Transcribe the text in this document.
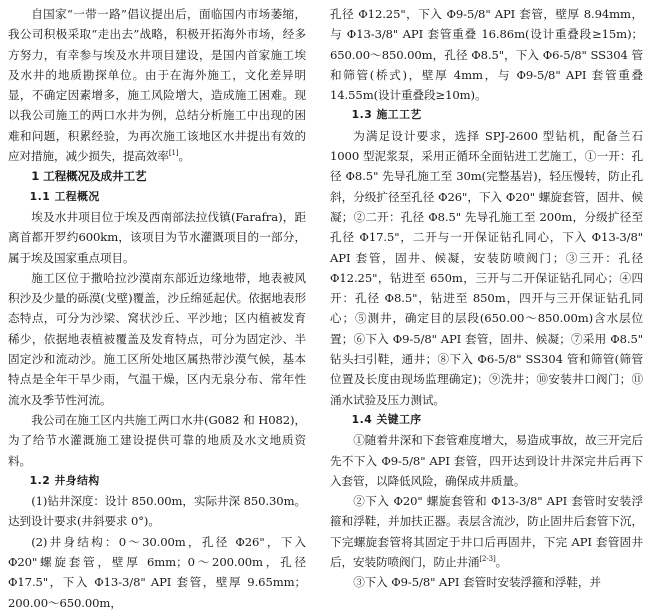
自国家“一带一路”倡议提出后，面临国内市场萎缩，我公司积极采取“走出去”战略，积极开拓海外市场，经多方努力，有幸参与埃及水井项目建设，是国内首家施工埃及水井的地质勘探单位。由于在海外施工，文化差异明显，不确定因素增多，施工风险增大，造成施工困难。现以我公司施工的两口水井为例，总结分析施工中出现的困难和问题，积累经验，为再次施工该地区水井提出有效的应对措施，减少损失，提高效率[1]。

1 工程概况及成井工艺

1.1 工程概况

埃及水井项目位于埃及西南部法拉伐镇(Farafra)，距离首都开罗约600km，该项目为节水灌溉项目的一部分，属于埃及国家重点项目。

施工区位于撒哈拉沙漠南东部近边缘地带，地表被风积沙及少量的砾漠(戈壁)覆盖，沙丘绵延起伏。依据地表形态特点，可分为沙梁、窝状沙丘、平沙地；区内植被发育稀少，依据地表植被覆盖及发育特点，可分为固定沙、半固定沙和流动沙。施工区所处地区属热带沙漠气候，基本特点是全年干旱少雨，气温干燥，区内无泉分布、常年性流水及季节性河流。

我公司在施工区内共施工两口水井(G082 和 H082)，为了给节水灌溉施工建设提供可靠的地质及水文地质资料。

1.2 井身结构

(1)钻井深度：设计 850.00m，实际井深 850.30m。达到设计要求(井斜要求 0°)。

(2)井身结构：0～30.00m，孔径 Φ26"，下入 Φ20"螺旋套管，壁厚 6mm；0～200.00m，孔径 Φ17.5"，下入 Φ13-3/8" API 套管，壁厚 9.65mm；200.00～650.00m，

孔径 Φ12.25"，下入 Φ9-5/8" API 套管，壁厚 8.94mm，与 Φ13-3/8" API 套管重叠 16.86m(设计重叠段≥15m)；650.00～850.00m，孔径 Φ8.5"，下入 Φ6-5/8" SS304 管和筛管(桥式)，壁厚 4mm，与 Φ9-5/8" API 套管重叠 14.55m(设计重叠段≥10m)。

1.3 施工工艺

为满足设计要求，选择 SPJ-2600 型钻机，配备兰石 1000 型泥浆泵，采用正循环全面钻进工艺施工，①一开：孔径 Φ8.5" 先导孔施工至 30m(完整基岩)，轻压慢转，防止孔斜，分级扩径至孔径 Φ26"，下入 Φ20" 螺旋套管，固井、候凝；②二开：孔径 Φ8.5" 先导孔施工至 200m，分级扩径至孔径 Φ17.5"，二开与一开保证钻孔同心，下入 Φ13-3/8" API 套管，固井、候凝，安装防喷阀门；③三开：孔径 Φ12.25"，钻进至 650m，三开与二开保证钻孔同心；④四开：孔径 Φ8.5"，钻进至 850m，四开与三开保证钻孔同心；⑤测井，确定目的层段(650.00～850.00m)含水层位置；⑥下入 Φ9-5/8" API 套管，固井、候凝；⑦采用 Φ8.5" 钻头扫引鞋，通井；⑧下入 Φ6-5/8" SS304 管和筛管(筛管位置及长度由现场监理确定)；⑨洗井；⑩安装井口阀门；⑪涌水试验及压力测试。

1.4 关键工序

①随着井深和下套管难度增大，易造成事故，故三开完后先不下入 Φ9-5/8" API 套管，四开达到设计井深完井后再下入套管，以降低风险，确保成井质量。

②下入 Φ20" 螺旋套管和 Φ13-3/8" API 套管时安装浮箍和浮鞋，并加扶正器。表层含流沙，防止固井后套管下沉，下完螺旋套管将其固定于井口后再固井，下完 API 套管固井后，安装防喷阀门，防止井涌[2-3]。

③下入 Φ9-5/8" API 套管时安装浮箍和浮鞋，并
